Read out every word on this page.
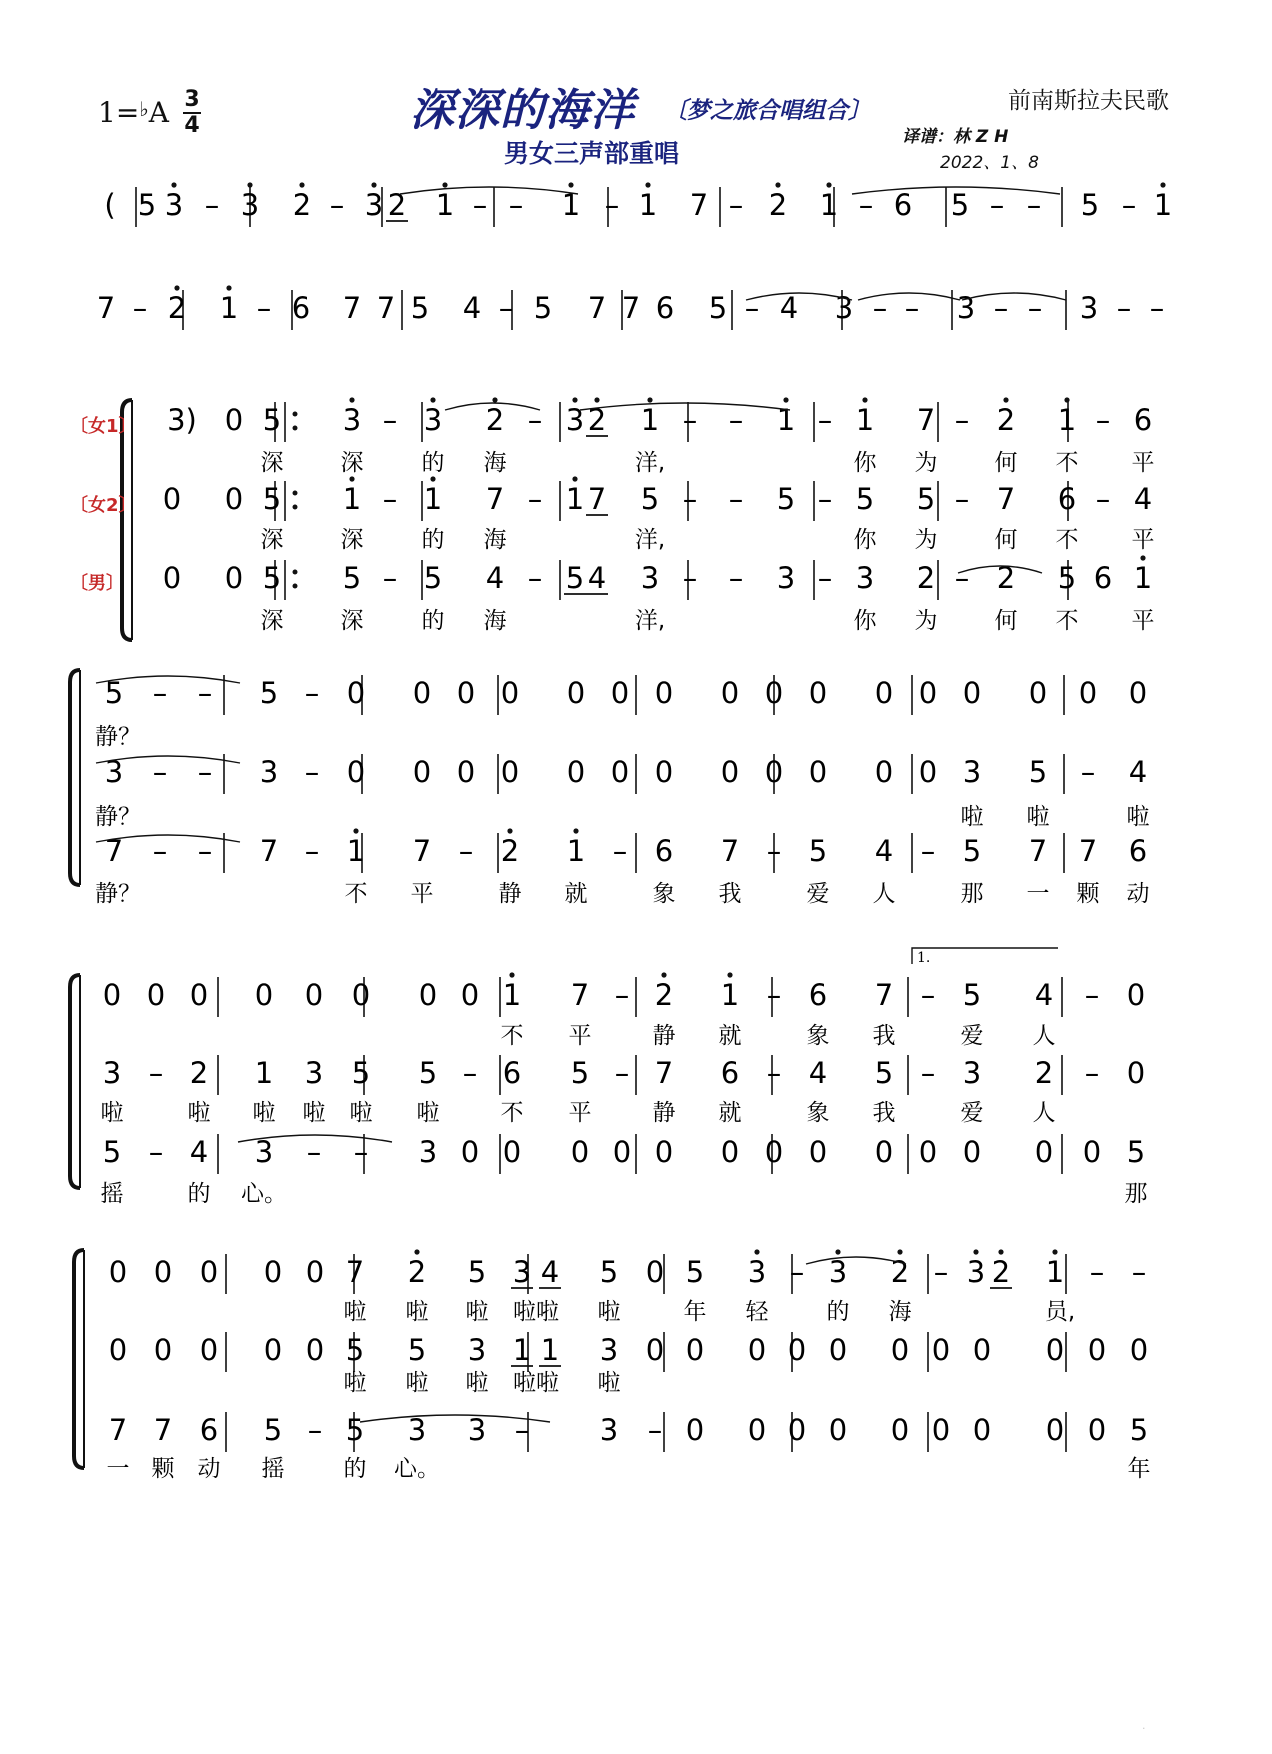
1=♭A 3
4	深深的海洋 〔梦之旅合唱组合〕
男女三声部重唱
前南斯拉夫民歌
译谱：林 Z H
2022、1、8
( 5 3 – 3 2 – 3 2 1 – – 1 – 1 7 – 2 1 – 6 5 – – 5 – 1
7 – 2 1 – 6 7 7 5 4 – 5 7 7 6 5 – 4 3 – – 3 – – 3 – –
〔女1〕 3) 0 5 3 – 3 2 – 3 2 1 – – 1 – 1 7 – 2 1 – 6
深 深	的 海	洋,	你 为 何 不 平
〔女2〕 0 0 5 1 – 1 7 – 1 7 5 – – 5 – 5 5 – 7 6 – 4
深 深	的 海	洋,	你 为 何 不 平
〔男〕 0 0 5 5 – 5 4 – 5 4 3 – – 3 – 3 2 – 2 5 6 1
深 深	的 海	洋,	你 为 何 不 平
5 – – 5 – 0 0 0 0 0 0 0 0 0 0 0 0 0 0 0 0
静？
3 – – 3 – 0 0 0 0 0 0 0 0 0 0 0 0 3 5 – 4
静？	啦 啦	啦
7 – – 7 – 1 7 – 2 1 – 6 7 – 5 4 – 5 7 7 6
静？	不 平	静 就	象 我	爱 人	那 一 颗 动
1.
0 0 0 0 0 0 0 0 1 7 – 2 1 – 6 7 – 5 4 – 0
不 平	静 就	象 我	爱 人
3 – 2 1 3 5 5 – 6 5 – 7 6 – 4 5 – 3 2 – 0
啦	啦 啦 啦 啦 啦	不 平	静 就	象 我	爱 人
5 – 4 3 – – 3 0 0 0 0 0 0 0 0 0 0 0 0 0 5
摇	的 心。	那
0 0 0 0 0 7 2 5 3 4 5 0 5 3 – 3 2 – 3 2 1 – –
啦 啦 啦 啦啦 啦	年 轻	的 海	员,
0 0 0 0 0 5 5 3 1 1 3 0 0 0 0 0 0 0 0 0 0 0
啦 啦 啦 啦啦 啦
7 7 6 5 – 5 3 3 – 3 – 0 0 0 0 0 0 0 0 0 5
一 颗 动 摇	的 心。	年
·
